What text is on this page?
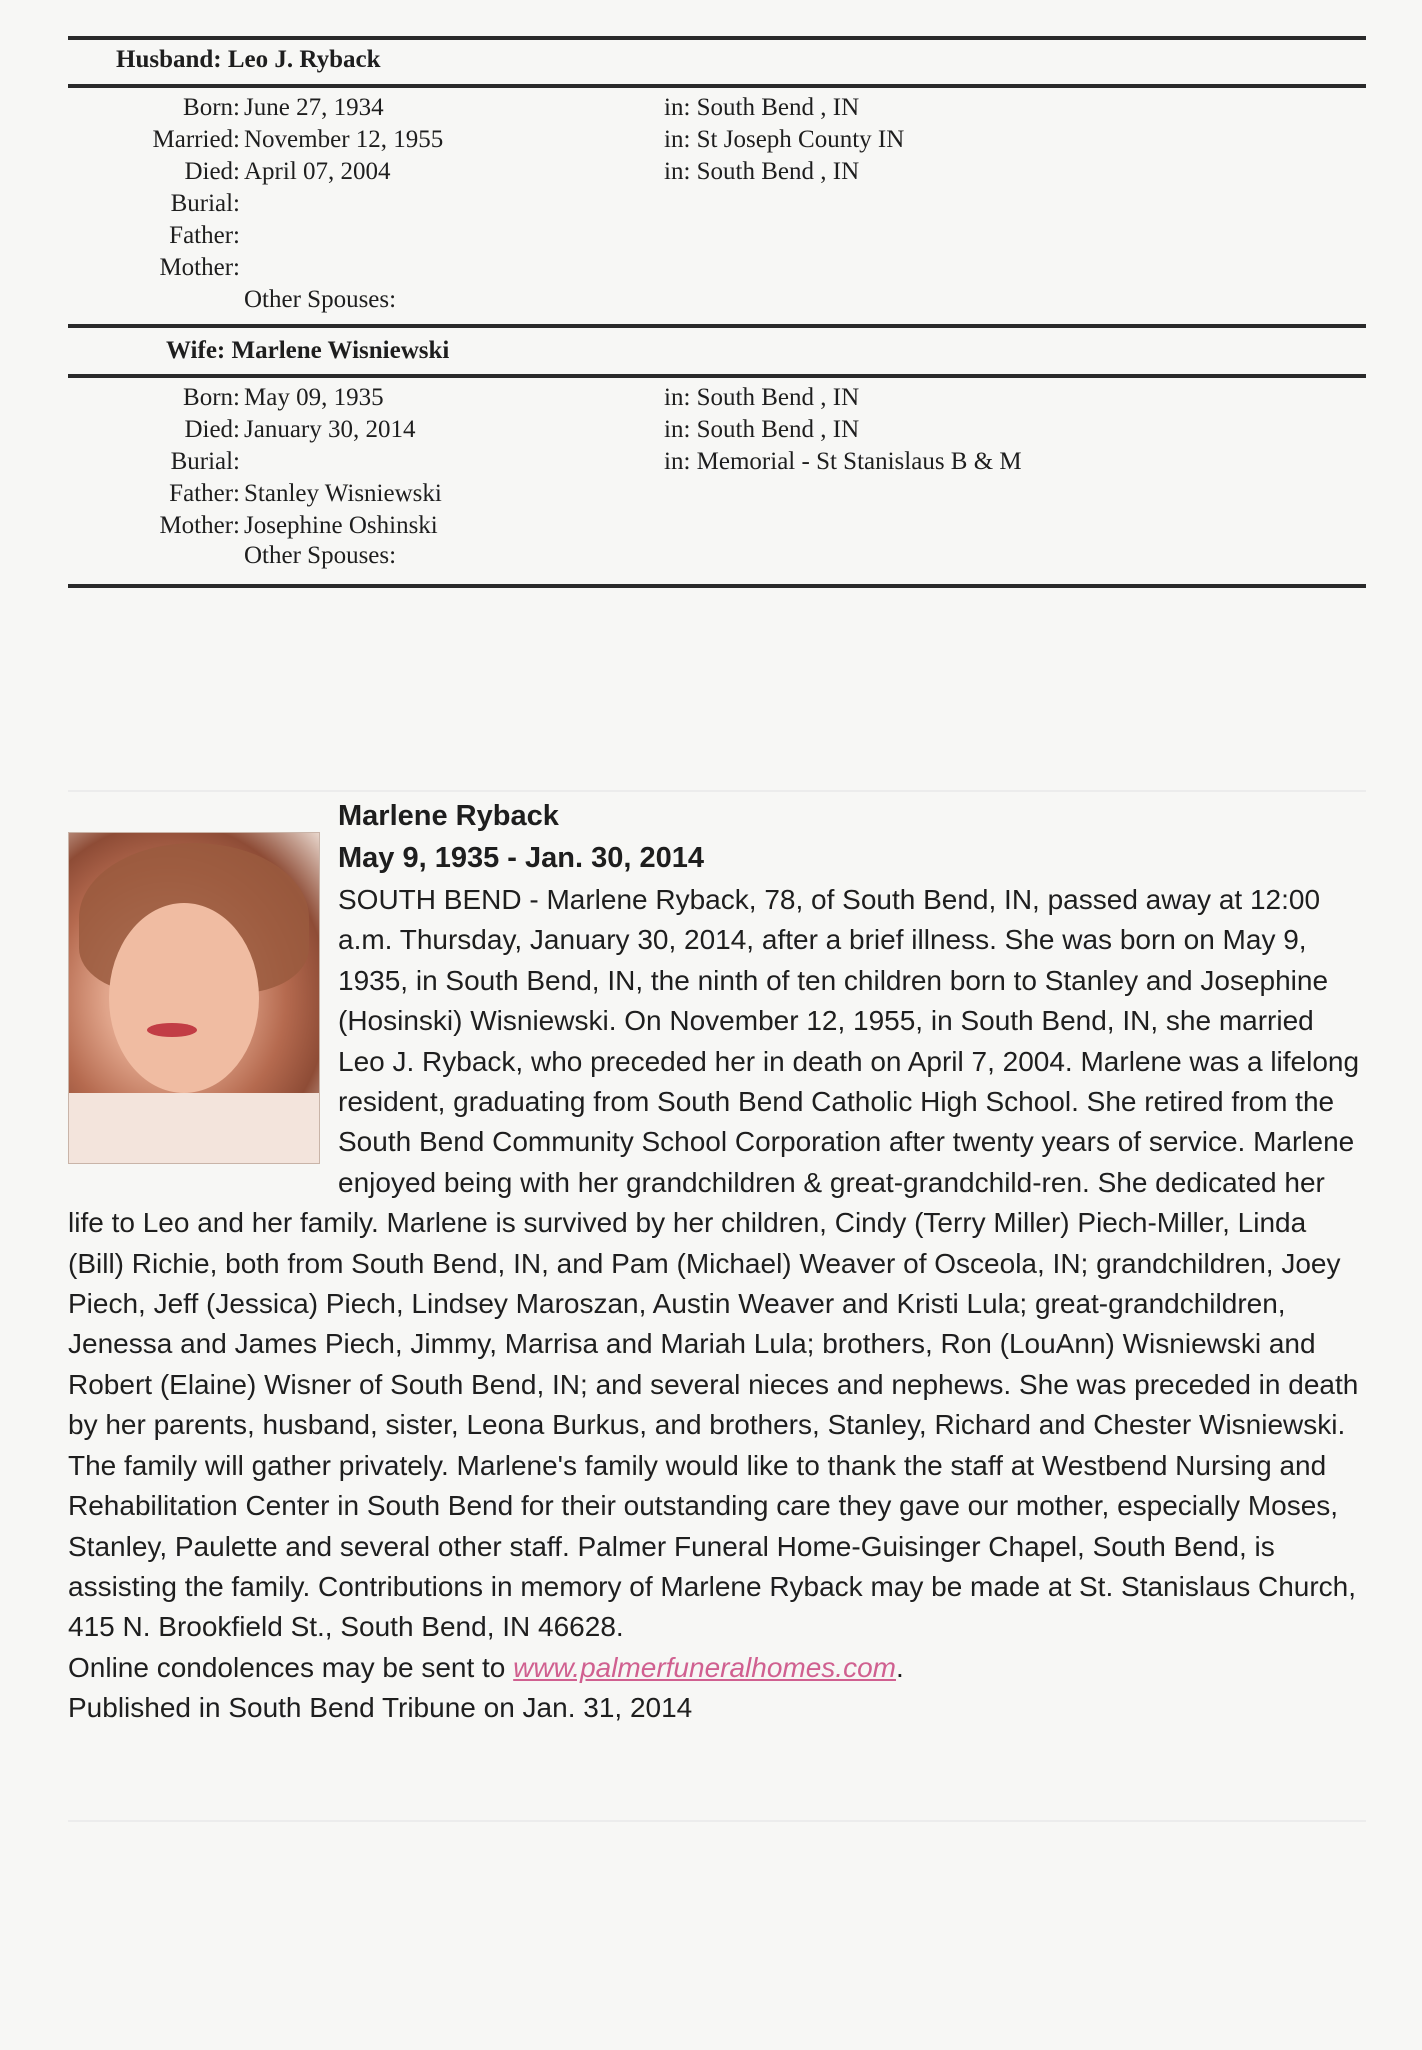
Husband: Leo J. Ryback
Born: June 27, 1934	in: South Bend , IN
Married: November 12, 1955	in: St Joseph County IN
Died: April 07, 2004	in: South Bend , IN
Burial:
Father:
Mother:
Other Spouses:
Wife: Marlene Wisniewski
Born: May 09, 1935	in: South Bend , IN
Died: January 30, 2014	in: South Bend , IN
Burial:	in: Memorial - St Stanislaus B & M
Father: Stanley Wisniewski
Mother: Josephine Oshinski
Other Spouses:
Marlene Ryback
May 9, 1935 - Jan. 30, 2014
SOUTH BEND - Marlene Ryback, 78, of South Bend, IN, passed away at 12:00 a.m. Thursday, January 30, 2014, after a brief illness. She was born on May 9, 1935, in South Bend, IN, the ninth of ten children born to Stanley and Josephine (Hosinski) Wisniewski. On November 12, 1955, in South Bend, IN, she married Leo J. Ryback, who preceded her in death on April 7, 2004. Marlene was a lifelong resident, graduating from South Bend Catholic High School. She retired from the South Bend Community School Corporation after twenty years of service. Marlene enjoyed being with her grandchildren & great-grandchild-ren. She dedicated her life to Leo and her family. Marlene is survived by her children, Cindy (Terry Miller) Piech-Miller, Linda (Bill) Richie, both from South Bend, IN, and Pam (Michael) Weaver of Osceola, IN; grandchildren, Joey Piech, Jeff (Jessica) Piech, Lindsey Maroszan, Austin Weaver and Kristi Lula; great-grandchildren, Jenessa and James Piech, Jimmy, Marrisa and Mariah Lula; brothers, Ron (LouAnn) Wisniewski and Robert (Elaine) Wisner of South Bend, IN; and several nieces and nephews. She was preceded in death by her parents, husband, sister, Leona Burkus, and brothers, Stanley, Richard and Chester Wisniewski. The family will gather privately. Marlene's family would like to thank the staff at Westbend Nursing and Rehabilitation Center in South Bend for their outstanding care they gave our mother, especially Moses, Stanley, Paulette and several other staff. Palmer Funeral Home-Guisinger Chapel, South Bend, is assisting the family. Contributions in memory of Marlene Ryback may be made at St. Stanislaus Church, 415 N. Brookfield St., South Bend, IN 46628.
Online condolences may be sent to www.palmerfuneralhomes.com.
Published in South Bend Tribune on Jan. 31, 2014
